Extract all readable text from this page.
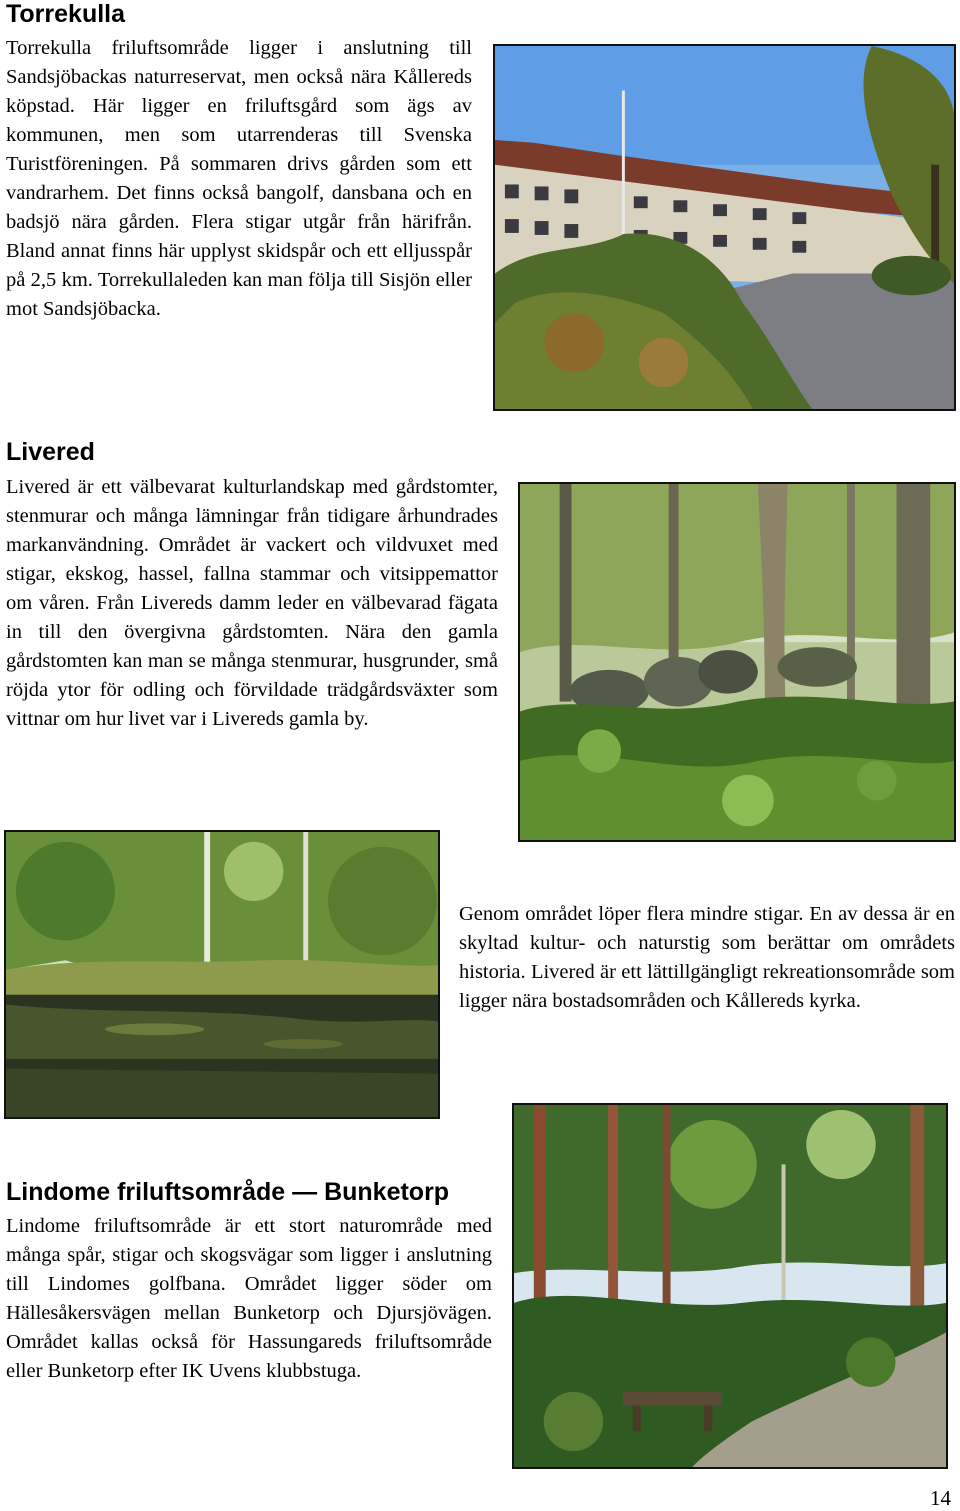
Torrekulla

Torrekulla friluftsområde ligger i anslutning till Sandsjöbackas naturreservat, men också nära Kållereds köpstad. Här ligger en friluftsgård som ägs av kommunen, men som utarrenderas till Svenska Turistföreningen. På sommaren drivs gården som ett vandrarhem. Det finns också bangolf, dansbana och en badsjö nära gården. Flera stigar utgår från härifrån. Bland annat finns här upplyst skidspår och ett elljusspår på 2,5 km. Torrekullaleden kan man följa till Sisjön eller mot Sandsjöbacka.

Livered

Livered är ett välbevarat kulturlandskap med gårdstomter, stenmurar och många lämningar från tidigare århundrades markanvändning. Området är vackert och vildvuxet med stigar, ekskog, hassel, fallna stammar och vitsippemattor om våren. Från Livereds damm leder en välbevarad fägata in till den övergivna gårdstomten. Nära den gamla gårdstomten kan man se många stenmurar, husgrunder, små röjda ytor för odling och förvildade trädgårdsväxter som vittnar om hur livet var i Livereds gamla by.

Genom området löper flera mindre stigar. En av dessa är en skyltad kultur- och naturstig som berättar om områdets historia. Livered är ett lättillgängligt rekreationsområde som ligger nära bostadsområden och Kållereds kyrka.

Lindome friluftsområde — Bunketorp

Lindome friluftsområde är ett stort naturområde med många spår, stigar och skogsvägar som ligger i anslutning till Lindomes golfbana. Området ligger söder om Hällesåkersvägen mellan Bunketorp och Djursjövägen. Området kallas också för Hassungareds friluftsområde eller Bunketorp efter IK Uvens klubbstuga.

14
